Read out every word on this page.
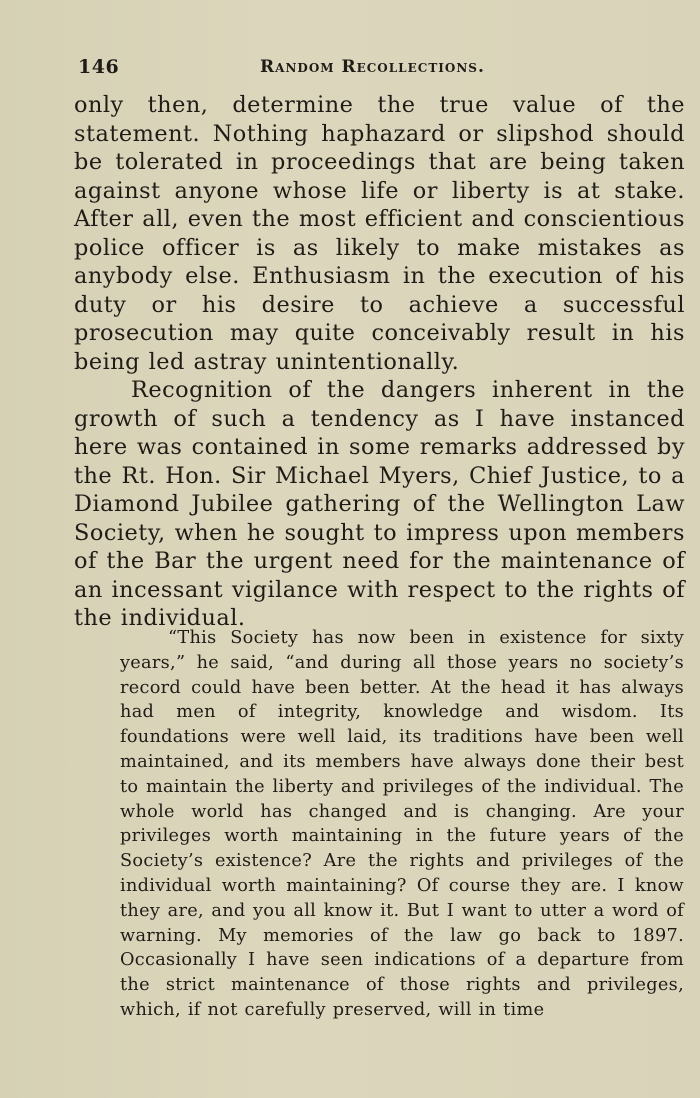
146	Random Recollections.

only then, determine the true value of the statement. Nothing haphazard or slipshod should be tolerated in proceedings that are being taken against anyone whose life or liberty is at stake. After all, even the most efficient and conscientious police officer is as likely to make mistakes as anybody else. Enthusiasm in the execution of his duty or his desire to achieve a successful prosecution may quite conceivably result in his being led astray unintentionally.

Recognition of the dangers inherent in the growth of such a tendency as I have instanced here was contained in some remarks addressed by the Rt. Hon. Sir Michael Myers, Chief Justice, to a Diamond Jubilee gathering of the Wellington Law Society, when he sought to impress upon members of the Bar the urgent need for the maintenance of an incessant vigilance with respect to the rights of the individual.

“This Society has now been in existence for sixty years,” he said, “and during all those years no society’s record could have been better. At the head it has always had men of integrity, knowledge and wisdom. Its foundations were well laid, its traditions have been well maintained, and its members have always done their best to maintain the liberty and privileges of the individual. The whole world has changed and is changing. Are your privileges worth maintaining in the future years of the Society’s existence? Are the rights and privileges of the individual worth maintaining? Of course they are. I know they are, and you all know it. But I want to utter a word of warning. My memories of the law go back to 1897. Occasionally I have seen indications of a departure from the strict maintenance of those rights and privileges, which, if not carefully preserved, will in time
